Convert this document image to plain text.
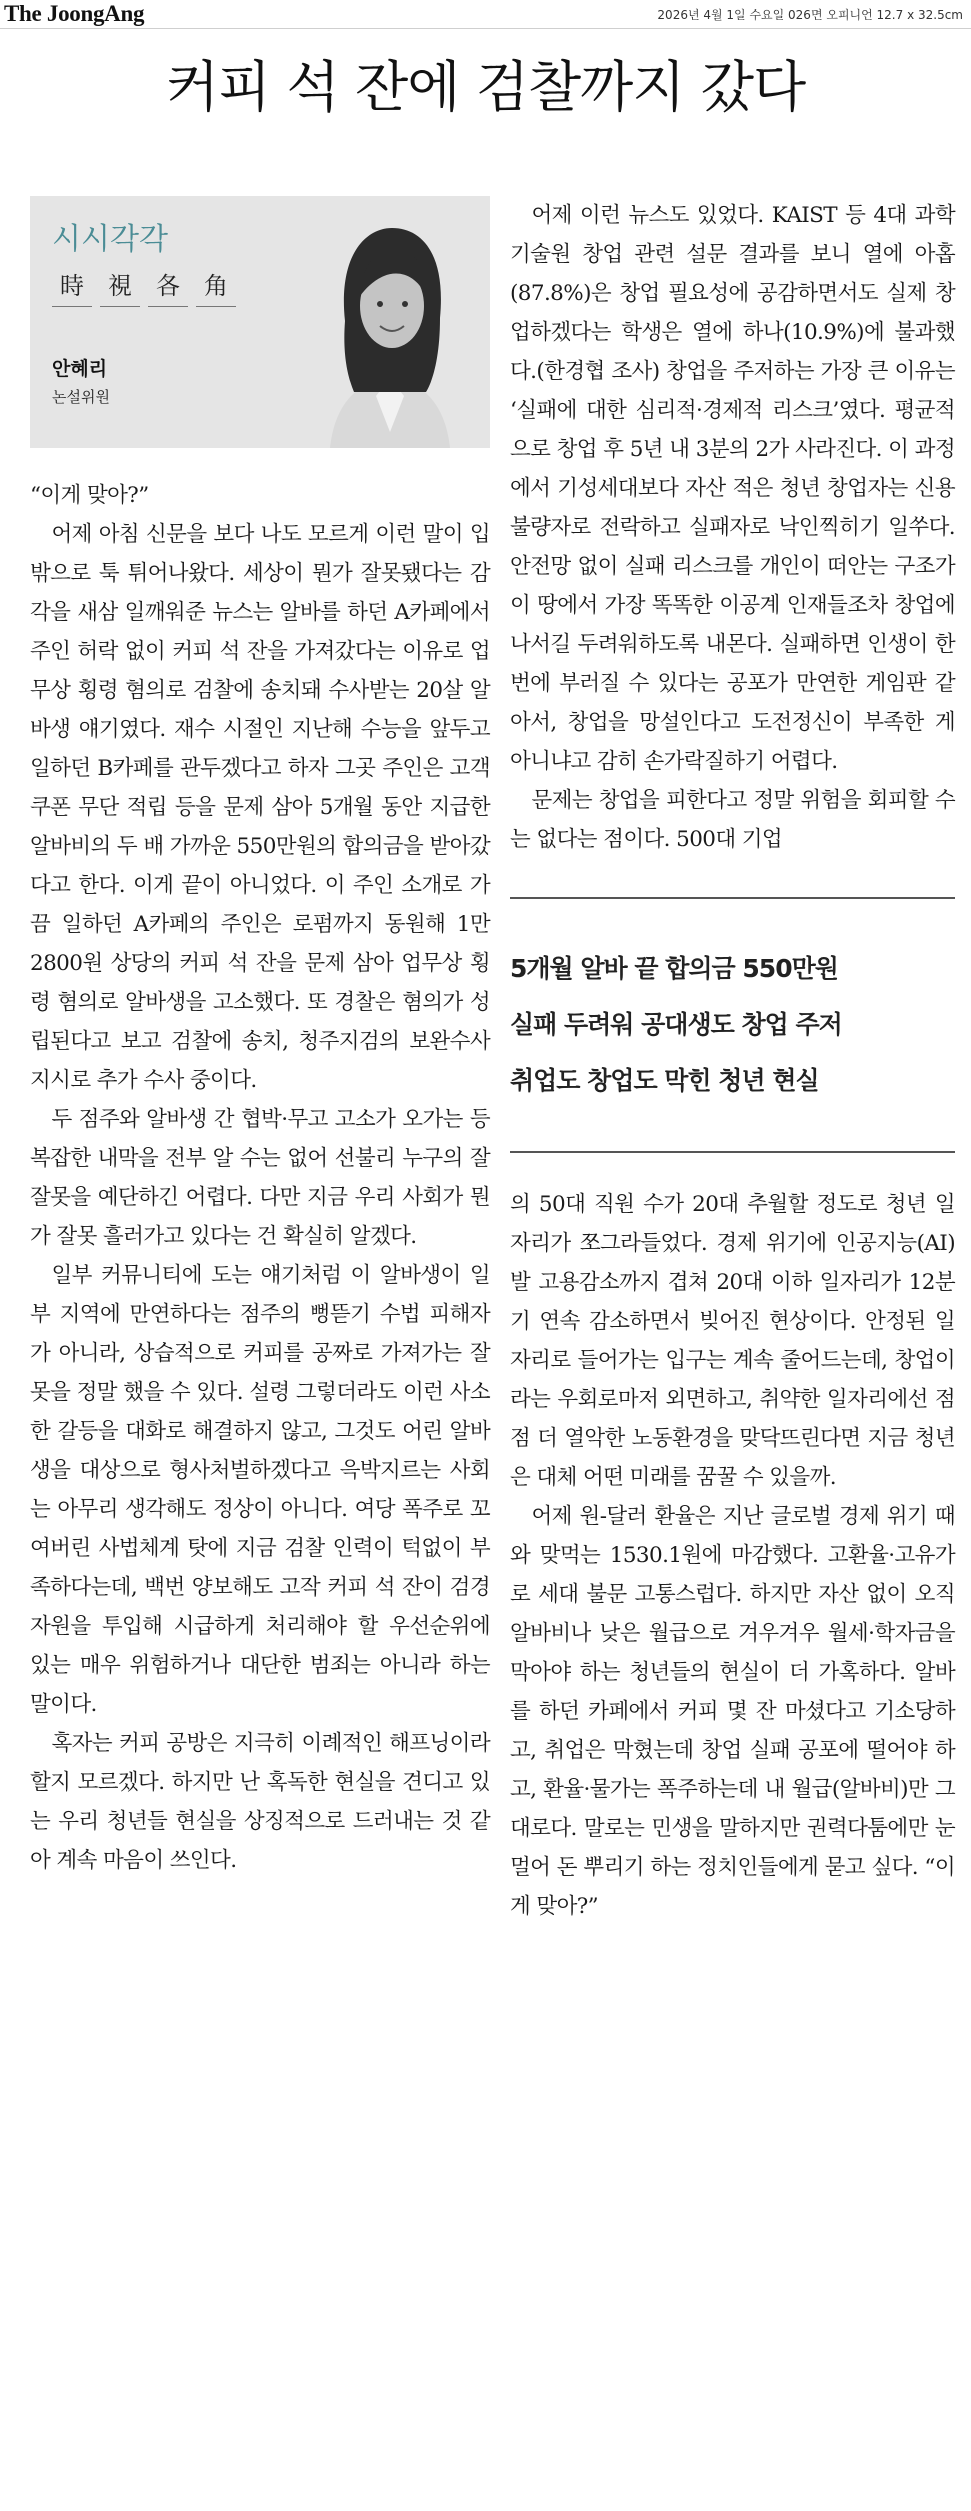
The JoongAng	2026년 4월 1일 수요일 026면 오피니언 12.7 x 32.5cm
커피 석 잔에 검찰까지 갔다
시시각각
時	視	各	角
안혜리
논설위원

“이게 맞아?”

어제 아침 신문을 보다 나도 모르게 이런 말이 입 밖으로 툭 튀어나왔다. 세상이 뭔가 잘못됐다는 감각을 새삼 일깨워준 뉴스는 알바를 하던 A카페에서 주인 허락 없이 커피 석 잔을 가져갔다는 이유로 업무상 횡령 혐의로 검찰에 송치돼 수사받는 20살 알바생 얘기였다. 재수 시절인 지난해 수능을 앞두고 일하던 B카페를 관두겠다고 하자 그곳 주인은 고객 쿠폰 무단 적립 등을 문제 삼아 5개월 동안 지급한 알바비의 두 배 가까운 550만원의 합의금을 받아갔다고 한다. 이게 끝이 아니었다. 이 주인 소개로 가끔 일하던 A카페의 주인은 로펌까지 동원해 1만2800원 상당의 커피 석 잔을 문제 삼아 업무상 횡령 혐의로 알바생을 고소했다. 또 경찰은 혐의가 성립된다고 보고 검찰에 송치, 청주지검의 보완수사 지시로 추가 수사 중이다.

두 점주와 알바생 간 협박·무고 고소가 오가는 등 복잡한 내막을 전부 알 수는 없어 선불리 누구의 잘잘못을 예단하긴 어렵다. 다만 지금 우리 사회가 뭔가 잘못 흘러가고 있다는 건 확실히 알겠다.

일부 커뮤니티에 도는 얘기처럼 이 알바생이 일부 지역에 만연하다는 점주의 뻥뜯기 수법 피해자가 아니라, 상습적으로 커피를 공짜로 가져가는 잘못을 정말 했을 수 있다. 설령 그렇더라도 이런 사소한 갈등을 대화로 해결하지 않고, 그것도 어린 알바생을 대상으로 형사처벌하겠다고 윽박지르는 사회는 아무리 생각해도 정상이 아니다. 여당 폭주로 꼬여버린 사법체계 탓에 지금 검찰 인력이 턱없이 부족하다는데, 백번 양보해도 고작 커피 석 잔이 검경 자원을 투입해 시급하게 처리해야 할 우선순위에 있는 매우 위험하거나 대단한 범죄는 아니라 하는 말이다.

혹자는 커피 공방은 지극히 이례적인 해프닝이라 할지 모르겠다. 하지만 난 혹독한 현실을 견디고 있는 우리 청년들 현실을 상징적으로 드러내는 것 같아 계속 마음이 쓰인다.

어제 이런 뉴스도 있었다. KAIST 등 4대 과학기술원 창업 관련 설문 결과를 보니 열에 아홉(87.8%)은 창업 필요성에 공감하면서도 실제 창업하겠다는 학생은 열에 하나(10.9%)에 불과했다.(한경협 조사) 창업을 주저하는 가장 큰 이유는 ‘실패에 대한 심리적·경제적 리스크’였다. 평균적으로 창업 후 5년 내 3분의 2가 사라진다. 이 과정에서 기성세대보다 자산 적은 청년 창업자는 신용불량자로 전락하고 실패자로 낙인찍히기 일쑤다. 안전망 없이 실패 리스크를 개인이 떠안는 구조가 이 땅에서 가장 똑똑한 이공계 인재들조차 창업에 나서길 두려워하도록 내몬다. 실패하면 인생이 한 번에 부러질 수 있다는 공포가 만연한 게임판 같아서, 창업을 망설인다고 도전정신이 부족한 게 아니냐고 감히 손가락질하기 어렵다.

문제는 창업을 피한다고 정말 위험을 회피할 수는 없다는 점이다. 500대 기업

5개월 알바 끝 합의금 550만원
실패 두려워 공대생도 창업 주저
취업도 창업도 막힌 청년 현실

의 50대 직원 수가 20대 추월할 정도로 청년 일자리가 쪼그라들었다. 경제 위기에 인공지능(AI)발 고용감소까지 겹쳐 20대 이하 일자리가 12분기 연속 감소하면서 빚어진 현상이다. 안정된 일자리로 들어가는 입구는 계속 줄어드는데, 창업이라는 우회로마저 외면하고, 취약한 일자리에선 점점 더 열악한 노동환경을 맞닥뜨린다면 지금 청년은 대체 어떤 미래를 꿈꿀 수 있을까.

어제 원-달러 환율은 지난 글로벌 경제 위기 때와 맞먹는 1530.1원에 마감했다. 고환율·고유가로 세대 불문 고통스럽다. 하지만 자산 없이 오직 알바비나 낮은 월급으로 겨우겨우 월세·학자금을 막아야 하는 청년들의 현실이 더 가혹하다. 알바를 하던 카페에서 커피 몇 잔 마셨다고 기소당하고, 취업은 막혔는데 창업 실패 공포에 떨어야 하고, 환율·물가는 폭주하는데 내 월급(알바비)만 그대로다. 말로는 민생을 말하지만 권력다툼에만 눈멀어 돈 뿌리기 하는 정치인들에게 묻고 싶다. “이게 맞아?”
